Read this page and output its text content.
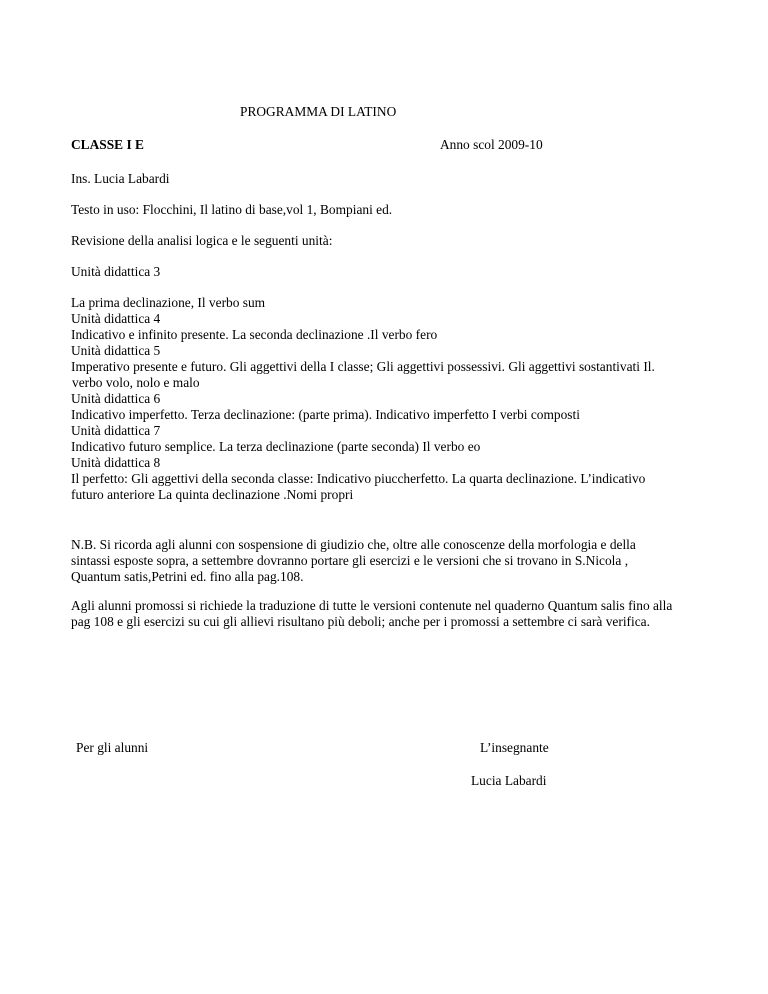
PROGRAMMA DI LATINO
CLASSE I E	Anno scol 2009-10
Ins. Lucia Labardi
Testo in uso: Flocchini, Il latino di base,vol 1, Bompiani ed.
Revisione della analisi logica e le seguenti unità:
Unità didattica 3
La prima declinazione, Il verbo sum
Unità didattica 4
Indicativo e infinito presente. La seconda declinazione .Il verbo fero
Unità didattica 5
Imperativo presente e futuro. Gli aggettivi della I classe; Gli aggettivi possessivi. Gli aggettivi sostantivati Il.
verbo volo, nolo e malo
Unità didattica 6
Indicativo imperfetto. Terza declinazione: (parte prima). Indicativo imperfetto I verbi composti
Unità didattica 7
Indicativo futuro semplice. La terza declinazione (parte seconda) Il verbo eo
Unità didattica 8
Il perfetto: Gli aggettivi della seconda classe: Indicativo piuccherfetto. La quarta declinazione. L’indicativo
futuro anteriore La quinta declinazione .Nomi propri
N.B. Si ricorda agli alunni con sospensione di giudizio che, oltre alle conoscenze della morfologia e della
sintassi esposte sopra, a settembre dovranno portare gli esercizi e le versioni che si trovano in S.Nicola ,
Quantum satis,Petrini ed. fino alla pag.108.
Agli alunni promossi si richiede la traduzione di tutte le versioni contenute nel quaderno Quantum salis fino alla
pag 108 e gli esercizi su cui gli allievi risultano più deboli; anche per i promossi a settembre ci sarà verifica.
Per gli alunni	L’insegnante
Lucia Labardi
